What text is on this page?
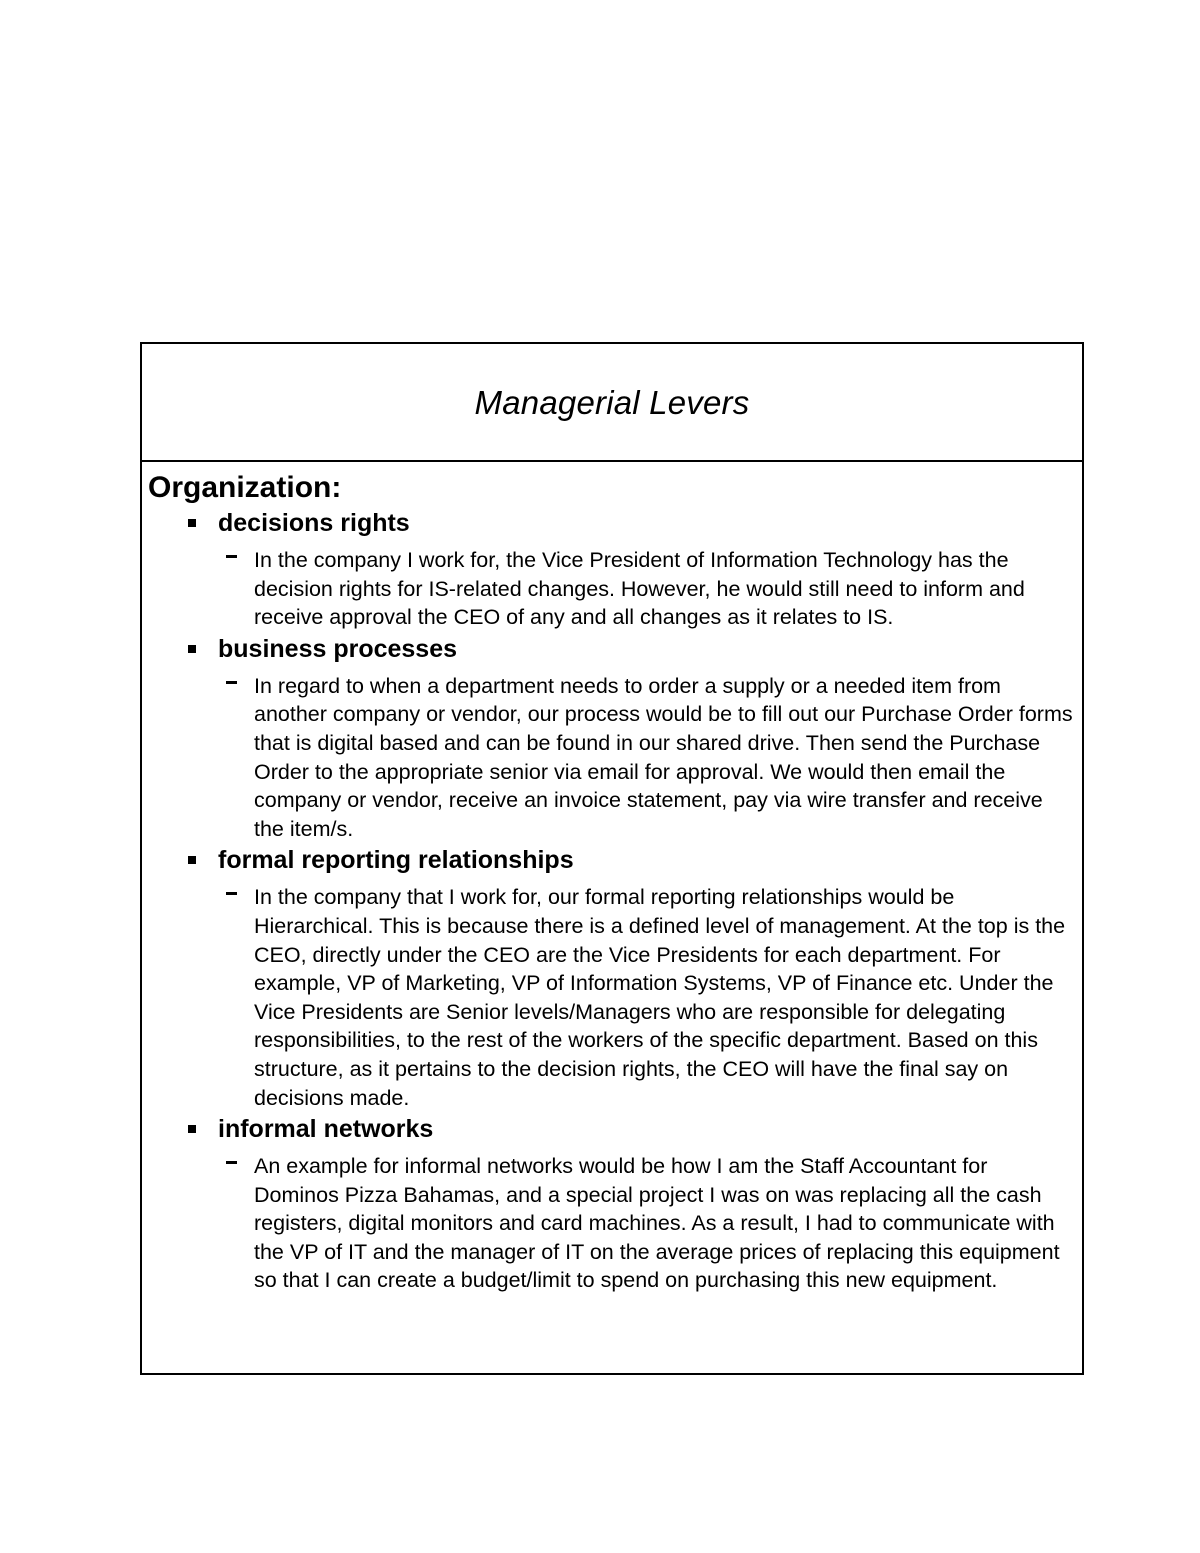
Managerial Levers

Organization:

decisions rights

In the company I work for, the Vice President of Information Technology has the decision rights for IS-related changes. However, he would still need to inform and receive approval the CEO of any and all changes as it relates to IS.

business processes

In regard to when a department needs to order a supply or a needed item from another company or vendor, our process would be to fill out our Purchase Order forms that is digital based and can be found in our shared drive. Then send the Purchase Order to the appropriate senior via email for approval. We would then email the company or vendor, receive an invoice statement, pay via wire transfer and receive the item/s.

formal reporting relationships

In the company that I work for, our formal reporting relationships would be Hierarchical. This is because there is a defined level of management. At the top is the CEO, directly under the CEO are the Vice Presidents for each department. For example, VP of Marketing, VP of Information Systems, VP of Finance etc. Under the Vice Presidents are Senior levels/Managers who are responsible for delegating responsibilities, to the rest of the workers of the specific department. Based on this structure, as it pertains to the decision rights, the CEO will have the final say on decisions made.

informal networks

An example for informal networks would be how I am the Staff Accountant for Dominos Pizza Bahamas, and a special project I was on was replacing all the cash registers, digital monitors and card machines. As a result, I had to communicate with the VP of IT and the manager of IT on the average prices of replacing this equipment so that I can create a budget/limit to spend on purchasing this new equipment.
